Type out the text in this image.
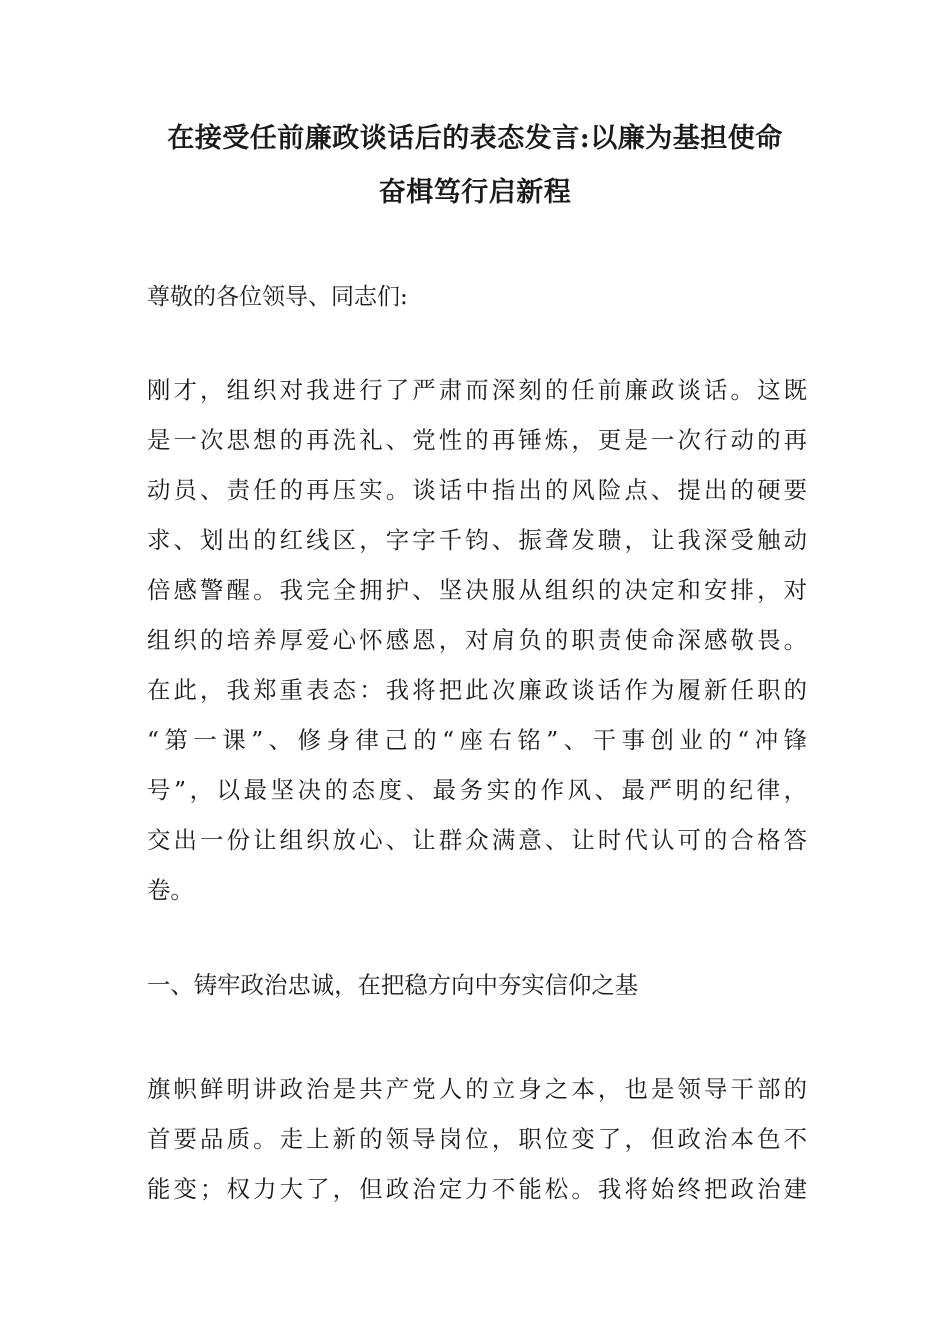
在接受任前廉政谈话后的表态发言:以廉为基担使命
奋楫笃行启新程
尊敬的各位领导、同志们:
刚才，组织对我进行了严肃而深刻的任前廉政谈话。这既
是一次思想的再洗礼、党性的再锤炼，更是一次行动的再
动员、责任的再压实。谈话中指出的风险点、提出的硬要
求、划出的红线区，字字千钧、振聋发聩，让我深受触动
倍感警醒。我完全拥护、坚决服从组织的决定和安排，对
组织的培养厚爱心怀感恩，对肩负的职责使命深感敬畏。
在此，我郑重表态：我将把此次廉政谈话作为履新任职的
“第一课”、修身律己的“座右铭”、干事创业的“冲锋
号”，以最坚决的态度、最务实的作风、最严明的纪律，
交出一份让组织放心、让群众满意、让时代认可的合格答
卷。
一、铸牢政治忠诚，在把稳方向中夯实信仰之基
旗帜鲜明讲政治是共产党人的立身之本，也是领导干部的
首要品质。走上新的领导岗位，职位变了，但政治本色不
能变；权力大了，但政治定力不能松。我将始终把政治建
